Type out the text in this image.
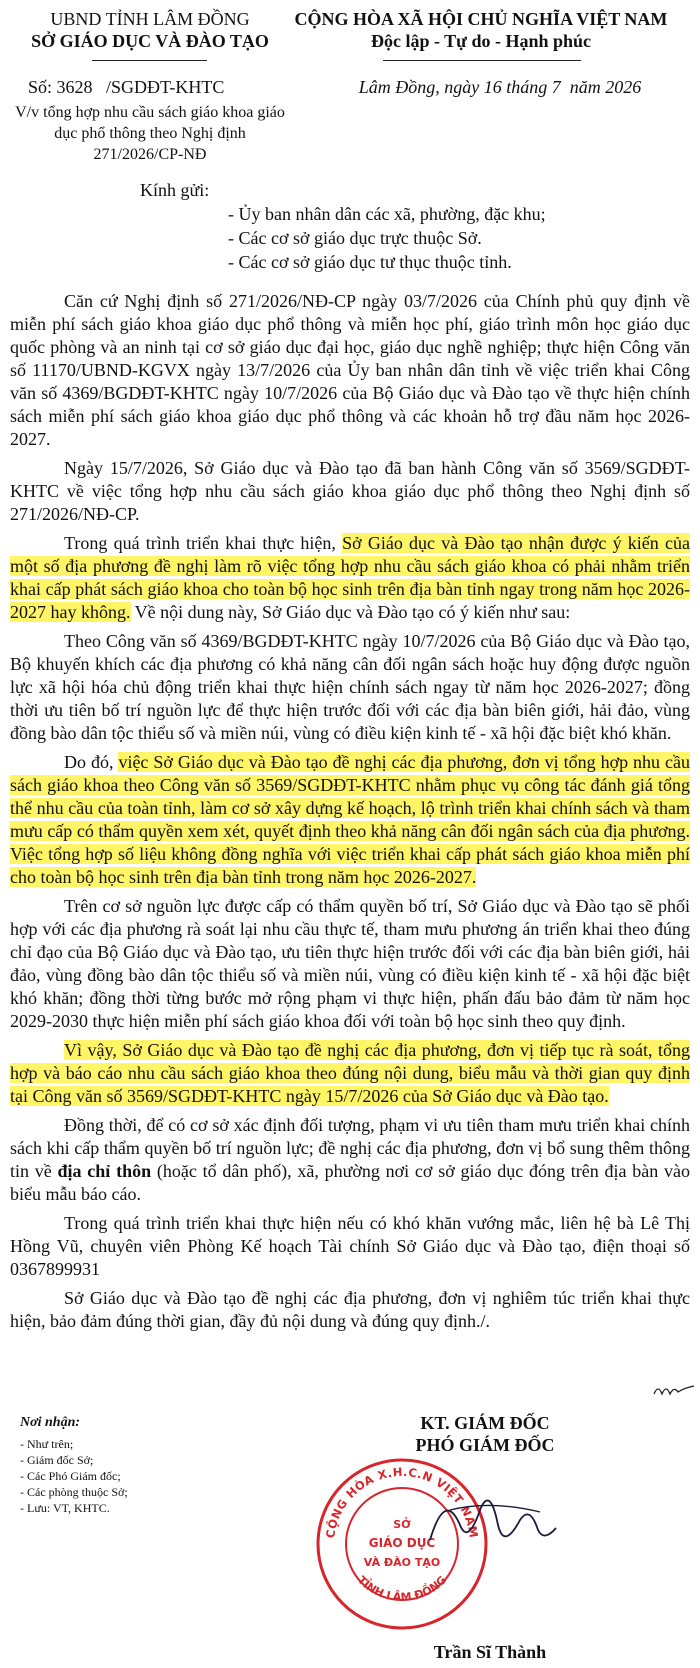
UBND TỈNH LÂM ĐỒNG
SỞ GIÁO DỤC VÀ ĐÀO TẠO
CỘNG HÒA XÃ HỘI CHỦ NGHĨA VIỆT NAM
Độc lập - Tự do - Hạnh phúc
Số: 3628   /SGDĐT-KHTC	Lâm Đồng, ngày 16 tháng 7  năm 2026
V/v tổng hợp nhu cầu sách giáo khoa giáo dục phổ thông theo Nghị định 271/2026/CP-NĐ
Kính gửi:
- Ủy ban nhân dân các xã, phường, đặc khu;
- Các cơ sở giáo dục trực thuộc Sở.
- Các cơ sở giáo dục tư thục thuộc tỉnh.

Căn cứ Nghị định số 271/2026/NĐ-CP ngày 03/7/2026 của Chính phủ quy định về miễn phí sách giáo khoa giáo dục phổ thông và miễn học phí, giáo trình môn học giáo dục quốc phòng và an ninh tại cơ sở giáo dục đại học, giáo dục nghề nghiệp; thực hiện Công văn số 11170/UBND-KGVX ngày 13/7/2026 của Ủy ban nhân dân tỉnh về việc triển khai Công văn số 4369/BGDĐT-KHTC ngày 10/7/2026 của Bộ Giáo dục và Đào tạo về thực hiện chính sách miễn phí sách giáo khoa giáo dục phổ thông và các khoản hỗ trợ đầu năm học 2026-2027.

Ngày 15/7/2026, Sở Giáo dục và Đào tạo đã ban hành Công văn số 3569/SGDĐT-KHTC về việc tổng hợp nhu cầu sách giáo khoa giáo dục phổ thông theo Nghị định số 271/2026/NĐ-CP.

Trong quá trình triển khai thực hiện, Sở Giáo dục và Đào tạo nhận được ý kiến của một số địa phương đề nghị làm rõ việc tổng hợp nhu cầu sách giáo khoa có phải nhằm triển khai cấp phát sách giáo khoa cho toàn bộ học sinh trên địa bàn tỉnh ngay trong năm học 2026-2027 hay không. Về nội dung này, Sở Giáo dục và Đào tạo có ý kiến như sau:

Theo Công văn số 4369/BGDĐT-KHTC ngày 10/7/2026 của Bộ Giáo dục và Đào tạo, Bộ khuyến khích các địa phương có khả năng cân đối ngân sách hoặc huy động được nguồn lực xã hội hóa chủ động triển khai thực hiện chính sách ngay từ năm học 2026-2027; đồng thời ưu tiên bố trí nguồn lực để thực hiện trước đối với các địa bàn biên giới, hải đảo, vùng đồng bào dân tộc thiểu số và miền núi, vùng có điều kiện kinh tế - xã hội đặc biệt khó khăn.

Do đó, việc Sở Giáo dục và Đào tạo đề nghị các địa phương, đơn vị tổng hợp nhu cầu sách giáo khoa theo Công văn số 3569/SGDĐT-KHTC nhằm phục vụ công tác đánh giá tổng thể nhu cầu của toàn tỉnh, làm cơ sở xây dựng kế hoạch, lộ trình triển khai chính sách và tham mưu cấp có thẩm quyền xem xét, quyết định theo khả năng cân đối ngân sách của địa phương. Việc tổng hợp số liệu không đồng nghĩa với việc triển khai cấp phát sách giáo khoa miễn phí cho toàn bộ học sinh trên địa bàn tỉnh trong năm học 2026-2027.

Trên cơ sở nguồn lực được cấp có thẩm quyền bố trí, Sở Giáo dục và Đào tạo sẽ phối hợp với các địa phương rà soát lại nhu cầu thực tế, tham mưu phương án triển khai theo đúng chỉ đạo của Bộ Giáo dục và Đào tạo, ưu tiên thực hiện trước đối với các địa bàn biên giới, hải đảo, vùng đồng bào dân tộc thiểu số và miền núi, vùng có điều kiện kinh tế - xã hội đặc biệt khó khăn; đồng thời từng bước mở rộng phạm vi thực hiện, phấn đấu bảo đảm từ năm học 2029-2030 thực hiện miễn phí sách giáo khoa đối với toàn bộ học sinh theo quy định.

Vì vậy, Sở Giáo dục và Đào tạo đề nghị các địa phương, đơn vị tiếp tục rà soát, tổng hợp và báo cáo nhu cầu sách giáo khoa theo đúng nội dung, biểu mẫu và thời gian quy định tại Công văn số 3569/SGDĐT-KHTC ngày 15/7/2026 của Sở Giáo dục và Đào tạo.

Đồng thời, để có cơ sở xác định đối tượng, phạm vi ưu tiên tham mưu triển khai chính sách khi cấp thẩm quyền bố trí nguồn lực; đề nghị các địa phương, đơn vị bổ sung thêm thông tin về địa chỉ thôn (hoặc tổ dân phố), xã, phường nơi cơ sở giáo dục đóng trên địa bàn vào biểu mẫu báo cáo.

Trong quá trình triển khai thực hiện nếu có khó khăn vướng mắc, liên hệ bà Lê Thị Hồng Vũ, chuyên viên Phòng Kế hoạch Tài chính Sở Giáo dục và Đào tạo, điện thoại số 0367899931

Sở Giáo dục và Đào tạo đề nghị các địa phương, đơn vị nghiêm túc triển khai thực hiện, bảo đảm đúng thời gian, đầy đủ nội dung và đúng quy định./.

Nơi nhận:
- Như trên;
- Giám đốc Sở;
- Các Phó Giám đốc;
- Các phòng thuộc Sở;
- Lưu: VT, KHTC.
KT. GIÁM ĐỐC
PHÓ GIÁM ĐỐC
CỘNG HÒA X.H.C.N VIỆT NAM
TỈNH LÂM ĐỒNG
SỞ
GIÁO DỤC
VÀ ĐÀO TẠO
Trần Sĩ Thành
